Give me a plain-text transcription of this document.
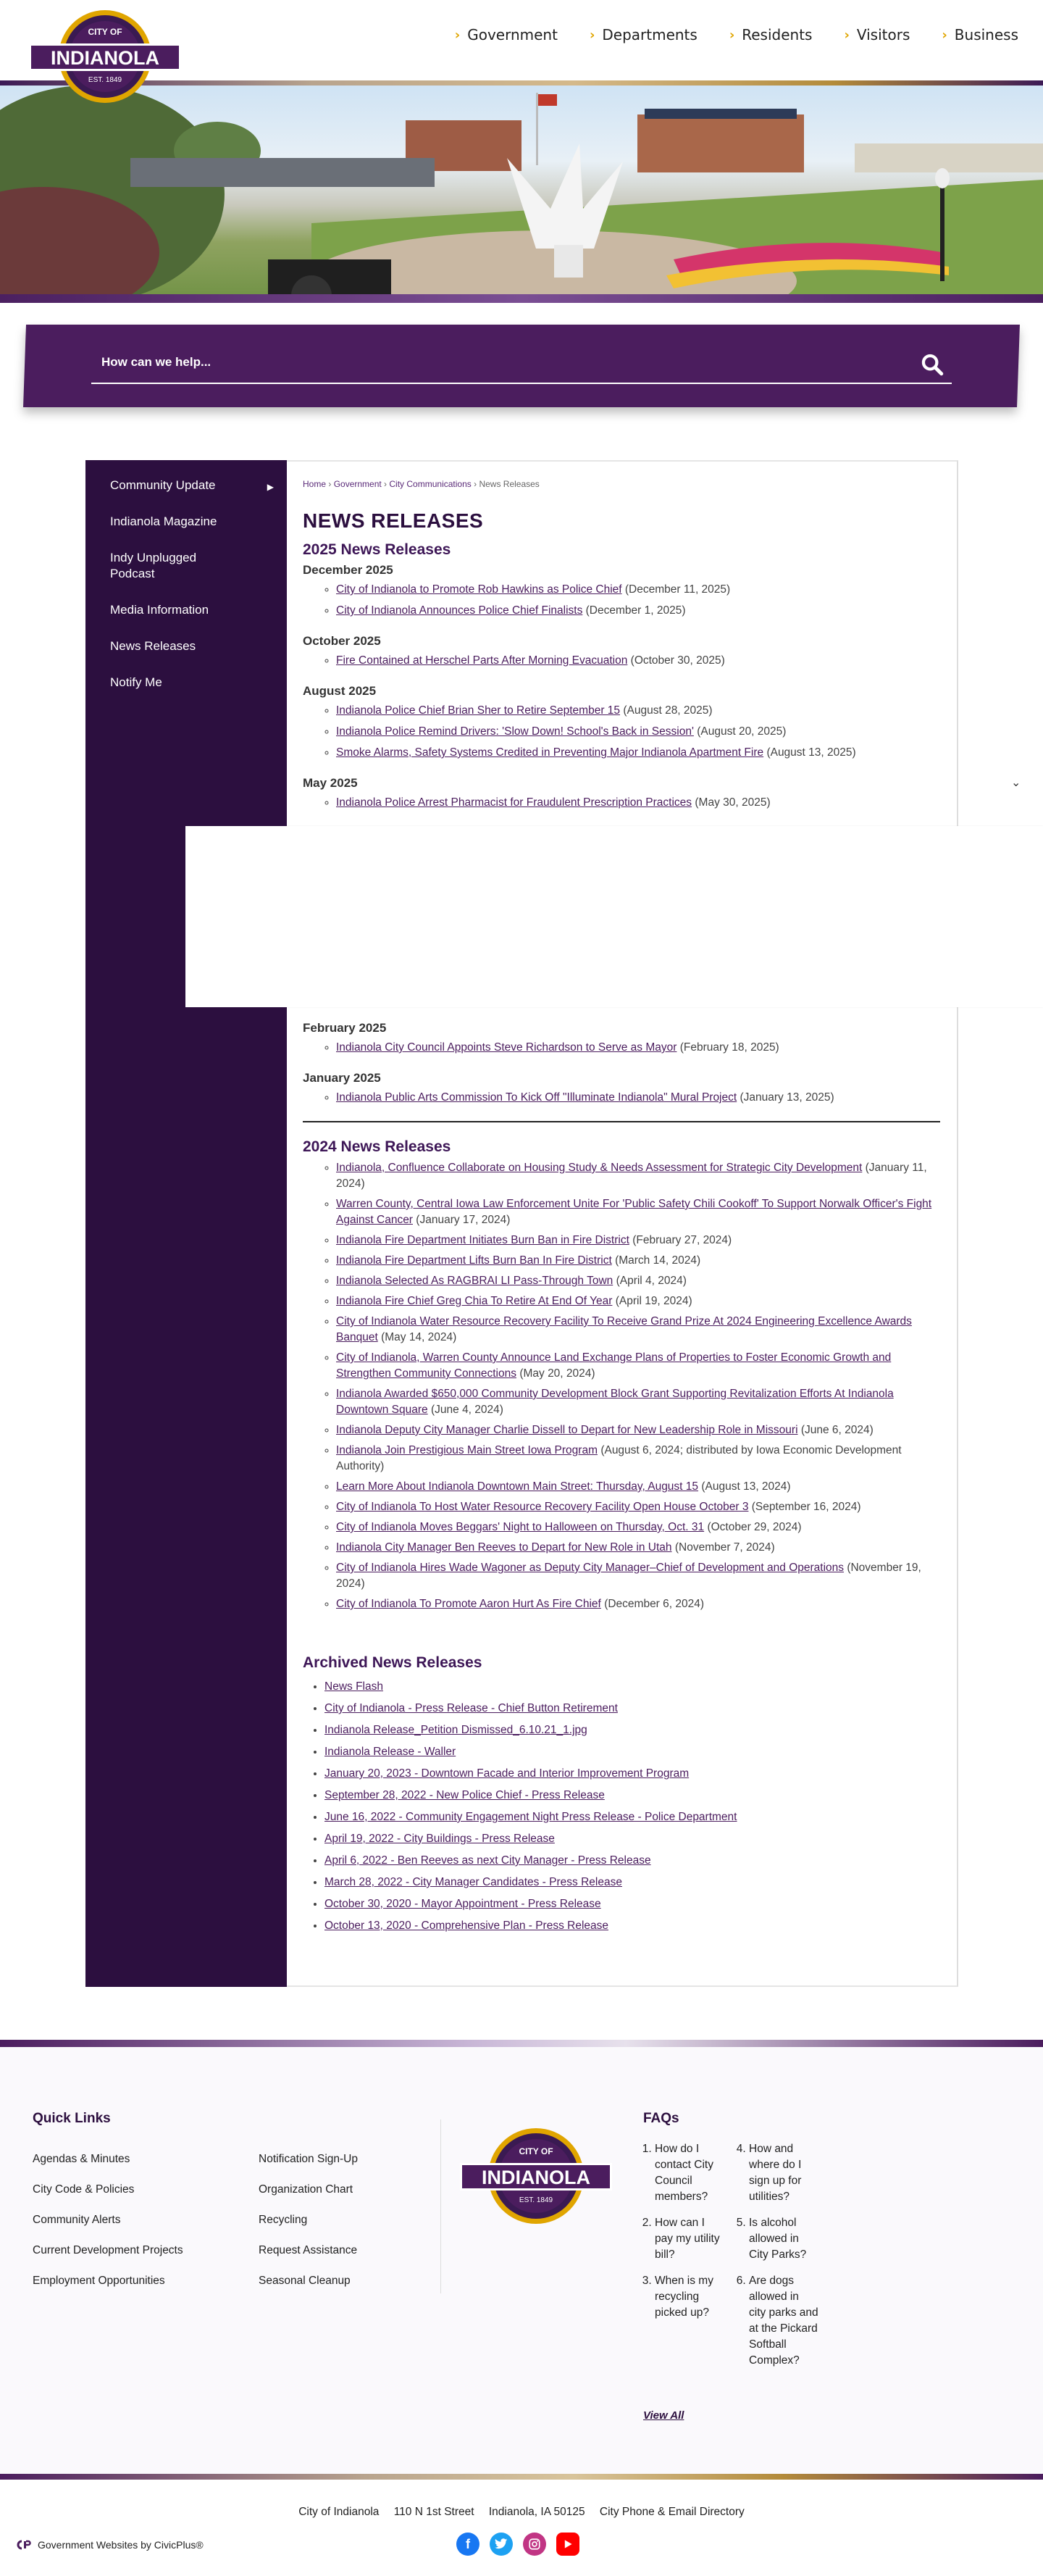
CITY OF
INDIANOLA
EST. 1849
› Government › Departments › Residents › Visitors › Business
How can we help...
Community Update	▶
Indianola Magazine
Indy Unplugged Podcast
Media Information
News Releases
Notify Me
Home › Government › City Communications › News Releases
NEWS RELEASES
2025 News Releases
December 2025
◦ City of Indianola to Promote Rob Hawkins as Police Chief (December 11, 2025)
◦ City of Indianola Announces Police Chief Finalists (December 1, 2025)
October 2025
◦ Fire Contained at Herschel Parts After Morning Evacuation (October 30, 2025)
August 2025
◦ Indianola Police Chief Brian Sher to Retire September 15 (August 28, 2025)
◦ Indianola Police Remind Drivers: 'Slow Down! School's Back in Session' (August 20, 2025)
◦ Smoke Alarms, Safety Systems Credited in Preventing Major Indianola Apartment Fire (August 13, 2025)
May 2025
◦ Indianola Police Arrest Pharmacist for Fraudulent Prescription Practices (May 30, 2025)
◦
February 2025
◦ Indianola City Council Appoints Steve Richardson to Serve as Mayor (February 18, 2025)
January 2025
◦ Indianola Public Arts Commission To Kick Off "Illuminate Indianola" Mural Project (January 13, 2025)
2024 News Releases
◦ Indianola, Confluence Collaborate on Housing Study & Needs Assessment for Strategic City Development (January 11, 2024)
◦ Warren County, Central Iowa Law Enforcement Unite For 'Public Safety Chili Cookoff' To Support Norwalk Officer's Fight Against Cancer (January 17, 2024)
◦ Indianola Fire Department Initiates Burn Ban in Fire District (February 27, 2024)
◦ Indianola Fire Department Lifts Burn Ban In Fire District (March 14, 2024)
◦ Indianola Selected As RAGBRAI LI Pass-Through Town (April 4, 2024)
◦ Indianola Fire Chief Greg Chia To Retire At End Of Year (April 19, 2024)
◦ City of Indianola Water Resource Recovery Facility To Receive Grand Prize At 2024 Engineering Excellence Awards Banquet (May 14, 2024)
◦ City of Indianola, Warren County Announce Land Exchange Plans of Properties to Foster Economic Growth and Strengthen Community Connections (May 20, 2024)
◦ Indianola Awarded $650,000 Community Development Block Grant Supporting Revitalization Efforts At Indianola Downtown Square (June 4, 2024)
◦ Indianola Deputy City Manager Charlie Dissell to Depart for New Leadership Role in Missouri (June 6, 2024)
◦ Indianola Join Prestigious Main Street Iowa Program (August 6, 2024; distributed by Iowa Economic Development Authority)
◦ Learn More About Indianola Downtown Main Street: Thursday, August 15 (August 13, 2024)
◦ City of Indianola To Host Water Resource Recovery Facility Open House October 3 (September 16, 2024)
◦ City of Indianola Moves Beggars' Night to Halloween on Thursday, Oct. 31 (October 29, 2024)
◦ Indianola City Manager Ben Reeves to Depart for New Role in Utah (November 7, 2024)
◦ City of Indianola Hires Wade Wagoner as Deputy City Manager–Chief of Development and Operations (November 19, 2024)
◦ City of Indianola To Promote Aaron Hurt As Fire Chief (December 6, 2024)
Archived News Releases
• News Flash
• City of Indianola - Press Release - Chief Button Retirement
• Indianola Release_Petition Dismissed_6.10.21_1.jpg
• Indianola Release - Waller
• January 20, 2023 - Downtown Facade and Interior Improvement Program
• September 28, 2022 - New Police Chief - Press Release
• June 16, 2022 - Community Engagement Night Press Release - Police Department
• April 19, 2022 - City Buildings - Press Release
• April 6, 2022 - Ben Reeves as next City Manager - Press Release
• March 28, 2022 - City Manager Candidates - Press Release
• October 30, 2020 - Mayor Appointment - Press Release
• October 13, 2020 - Comprehensive Plan - Press Release
⌄
Quick Links
Agendas & Minutes
City Code & Policies
Community Alerts
Current Development Projects
Employment Opportunities
Notification Sign-Up
Organization Chart
Recycling
Request Assistance
Seasonal Cleanup
CITY OF
INDIANOLA
EST. 1849
FAQs
1. How do I contact City Council members?
2. How can I pay my utility bill?
3. When is my recycling picked up?
4. How and where do I sign up for utilities?
5. Is alcohol allowed in City Parks?
6. Are dogs allowed in city parks and at the Pickard Softball Complex?
View All
City of Indianola 110 N 1st Street Indianola, IA 50125 City Phone & Email Directory
Government Websites by CivicPlus®	f
